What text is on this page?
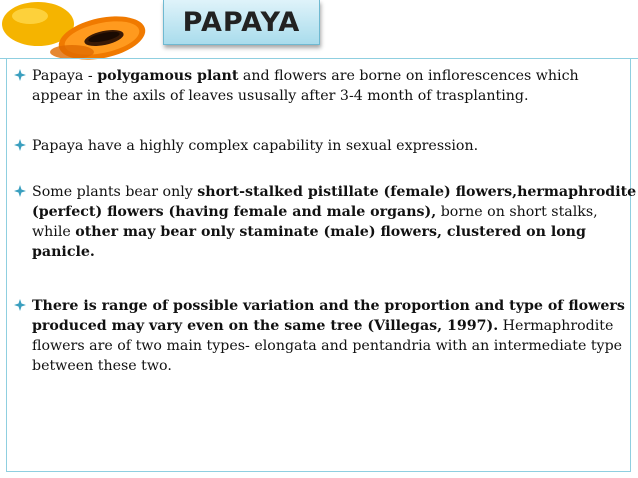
PAPAYA

Papaya - polygamous plant and flowers are borne on inflorescences which appear in the axils of leaves ususally after 3-4 month of trasplanting.

Papaya have a highly complex capability in sexual expression.

Some plants bear only short-stalked pistillate (female) flowers,hermaphrodite (perfect) flowers (having female and male organs), borne on short stalks, while other may bear only staminate (male) flowers, clustered on long panicle.

There is range of possible variation and the proportion and type of flowers produced may vary even on the same tree (Villegas, 1997). Hermaphrodite flowers are of two main types- elongata and pentandria with an intermediate type between these two.
